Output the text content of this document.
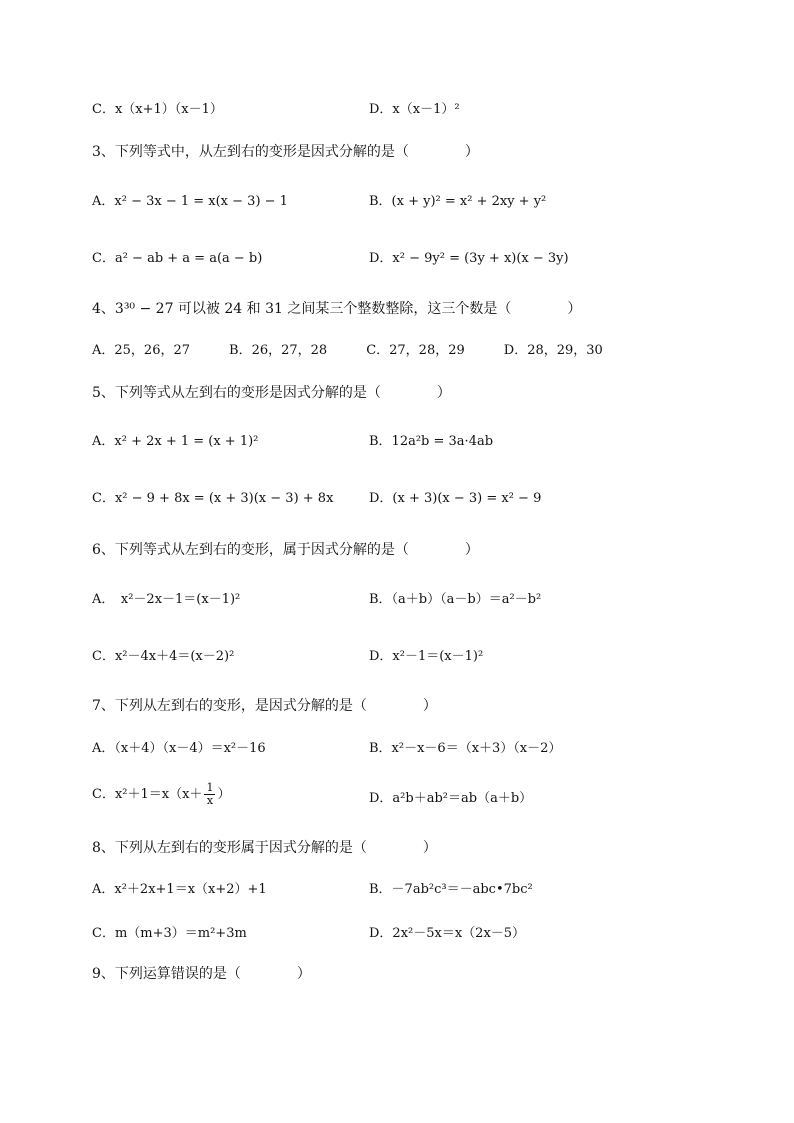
C．x（x+1）（x－1）	D．x（x－1）²
3、下列等式中，从左到右的变形是因式分解的是（　　　　）
A．x² − 3x − 1 = x(x − 3) − 1	B．(x + y)² = x² + 2xy + y²
C．a² − ab + a = a(a − b)	D．x² − 9y² = (3y + x)(x − 3y)
4、3³⁰ − 27 可以被 24 和 31 之间某三个整数整除，这三个数是（　　　　）
A．25，26，27　　　B．26，27，28　　　C．27，28，29　　　D．28，29，30
5、下列等式从左到右的变形是因式分解的是（　　　　）
A．x² + 2x + 1 = (x + 1)²	B．12a²b = 3a·4ab
C．x² − 9 + 8x = (x + 3)(x − 3) + 8x	D．(x + 3)(x − 3) = x² − 9
6、下列等式从左到右的变形，属于因式分解的是（　　　　）
A．　x²－2x－1＝(x－1)²	B．（a＋b）（a－b）＝a²－b²
C．x²－4x＋4＝(x－2)²	D．x²－1＝(x－1)²
7、下列从左到右的变形，是因式分解的是（　　　　）
A．（x＋4）（x－4）＝x²－16	B．x²－x－6＝（x＋3）（x－2）
C．$x^2+1=x(x+ \frac{1}{x}$ ）	D．a²b＋ab²＝ab（a＋b）
8、下列从左到右的变形属于因式分解的是（　　　　）
A．x²＋2x+1＝x（x+2）+1	B．－7ab²c³＝－abc•7bc²
C．m（m+3）＝m²+3m	D．2x²－5x＝x（2x－5）
9、下列运算错误的是（　　　　）
